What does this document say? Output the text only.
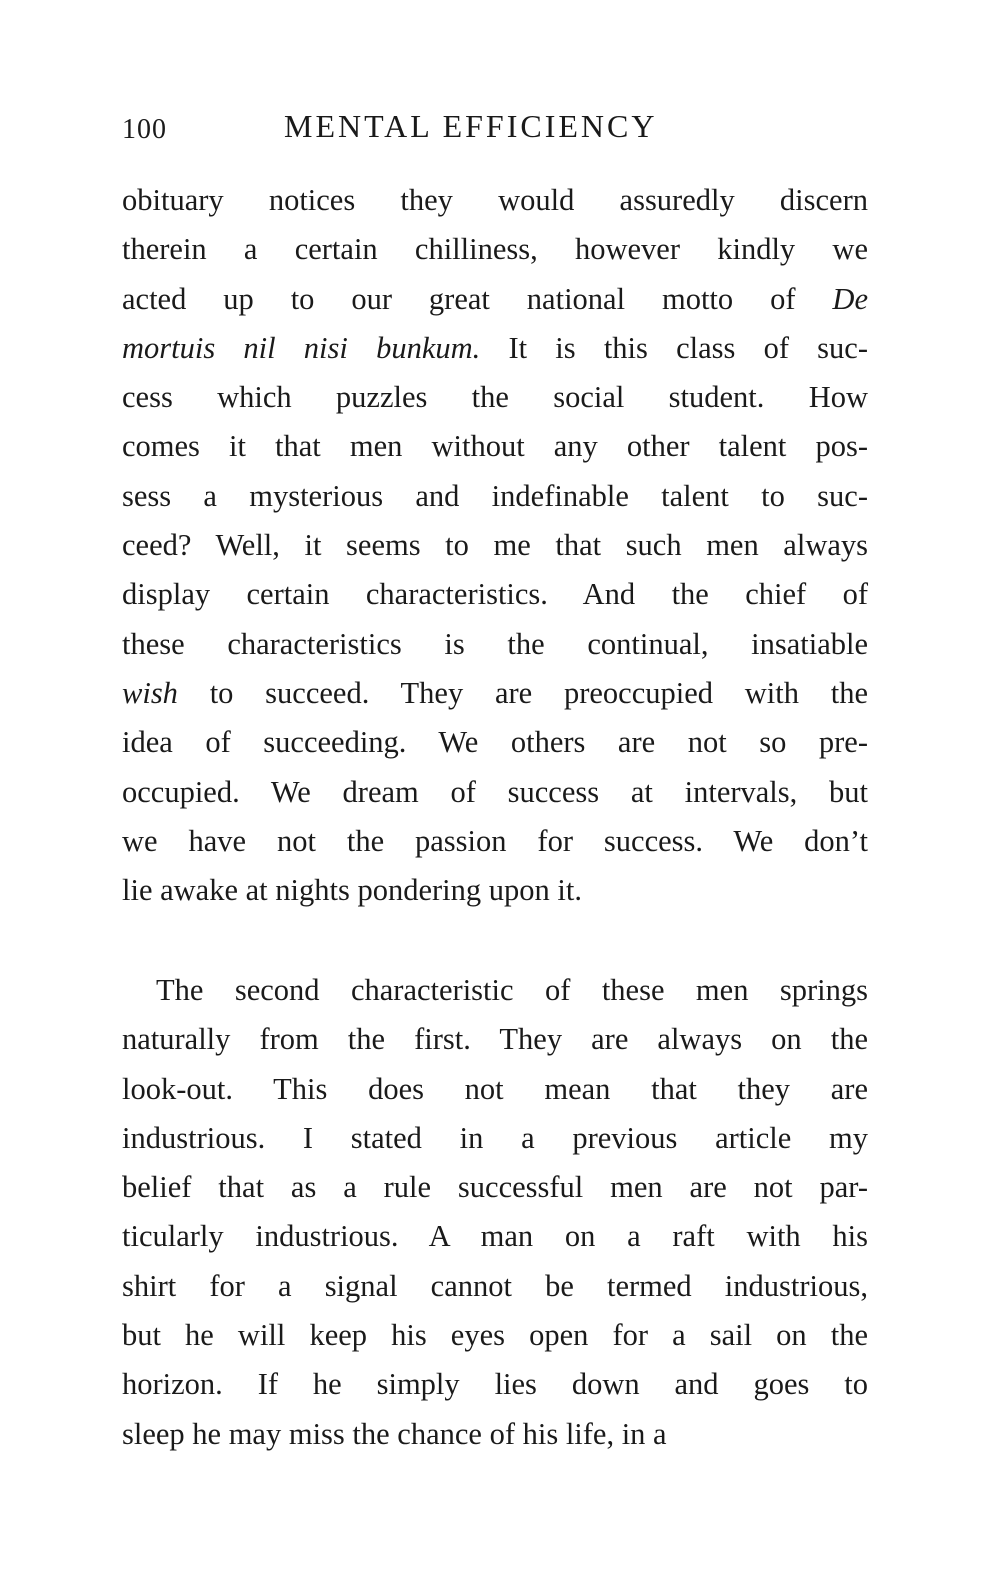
100	MENTAL EFFICIENCY
obituary notices they would assuredly discern
therein a certain chilliness, however kindly we
acted up to our great national motto of De
mortuis nil nisi bunkum. It is this class of suc-
cess which puzzles the social student. How
comes it that men without any other talent pos-
sess a mysterious and indefinable talent to suc-
ceed? Well, it seems to me that such men always
display certain characteristics. And the chief of
these characteristics is the continual, insatiable
wish to succeed. They are preoccupied with the
idea of succeeding. We others are not so pre-
occupied. We dream of success at intervals, but
we have not the passion for success. We don’t
lie awake at nights pondering upon it.
The second characteristic of these men springs
naturally from the first. They are always on the
look-out. This does not mean that they are
industrious. I stated in a previous article my
belief that as a rule successful men are not par-
ticularly industrious. A man on a raft with his
shirt for a signal cannot be termed industrious,
but he will keep his eyes open for a sail on the
horizon. If he simply lies down and goes to
sleep he may miss the chance of his life, in a
